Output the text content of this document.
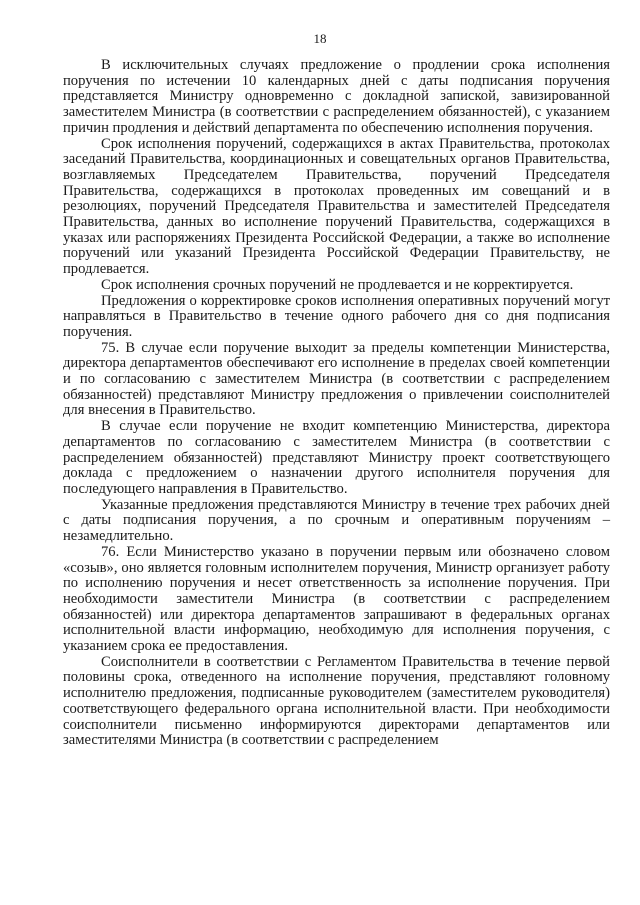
18

В исключительных случаях предложение о продлении срока исполнения поручения по истечении 10 календарных дней с даты подписания поручения представляется Министру одновременно с докладной запиской, завизированной заместителем Министра (в соответствии с распределением обязанностей), с указанием причин продления и действий департамента по обеспечению исполнения поручения.

Срок исполнения поручений, содержащихся в актах Правительства, протоколах заседаний Правительства, координационных и совещательных органов Правительства, возглавляемых Председателем Правительства, поручений Председателя Правительства, содержащихся в протоколах проведенных им совещаний и в резолюциях, поручений Председателя Правительства и заместителей Председателя Правительства, данных во исполнение поручений Правительства, содержащихся в указах или распоряжениях Президента Российской Федерации, а также во исполнение поручений или указаний Президента Российской Федерации Правительству, не продлевается.

Срок исполнения срочных поручений не продлевается и не корректируется.

Предложения о корректировке сроков исполнения оперативных поручений могут направляться в Правительство в течение одного рабочего дня со дня подписания поручения.

75. В случае если поручение выходит за пределы компетенции Министерства, директора департаментов обеспечивают его исполнение в пределах своей компетенции и по согласованию с заместителем Министра (в соответствии с распределением обязанностей) представляют Министру предложения о привлечении соисполнителей для внесения в Правительство.

В случае если поручение не входит компетенцию Министерства, директора департаментов по согласованию с заместителем Министра (в соответствии с распределением обязанностей) представляют Министру проект соответствующего доклада с предложением о назначении другого исполнителя поручения для последующего направления в Правительство.

Указанные предложения представляются Министру в течение трех рабочих дней с даты подписания поручения, а по срочным и оперативным поручениям – незамедлительно.

76. Если Министерство указано в поручении первым или обозначено словом «созыв», оно является головным исполнителем поручения, Министр организует работу по исполнению поручения и несет ответственность за исполнение поручения. При необходимости заместители Министра (в соответствии с распределением обязанностей) или директора департаментов запрашивают в федеральных органах исполнительной власти информацию, необходимую для исполнения поручения, с указанием срока ее предоставления.

Соисполнители в соответствии с Регламентом Правительства в течение первой половины срока, отведенного на исполнение поручения, представляют головному исполнителю предложения, подписанные руководителем (заместителем руководителя) соответствующего федерального органа исполнительной власти. При необходимости соисполнители письменно информируются директорами департаментов или заместителями Министра (в соответствии с распределением
